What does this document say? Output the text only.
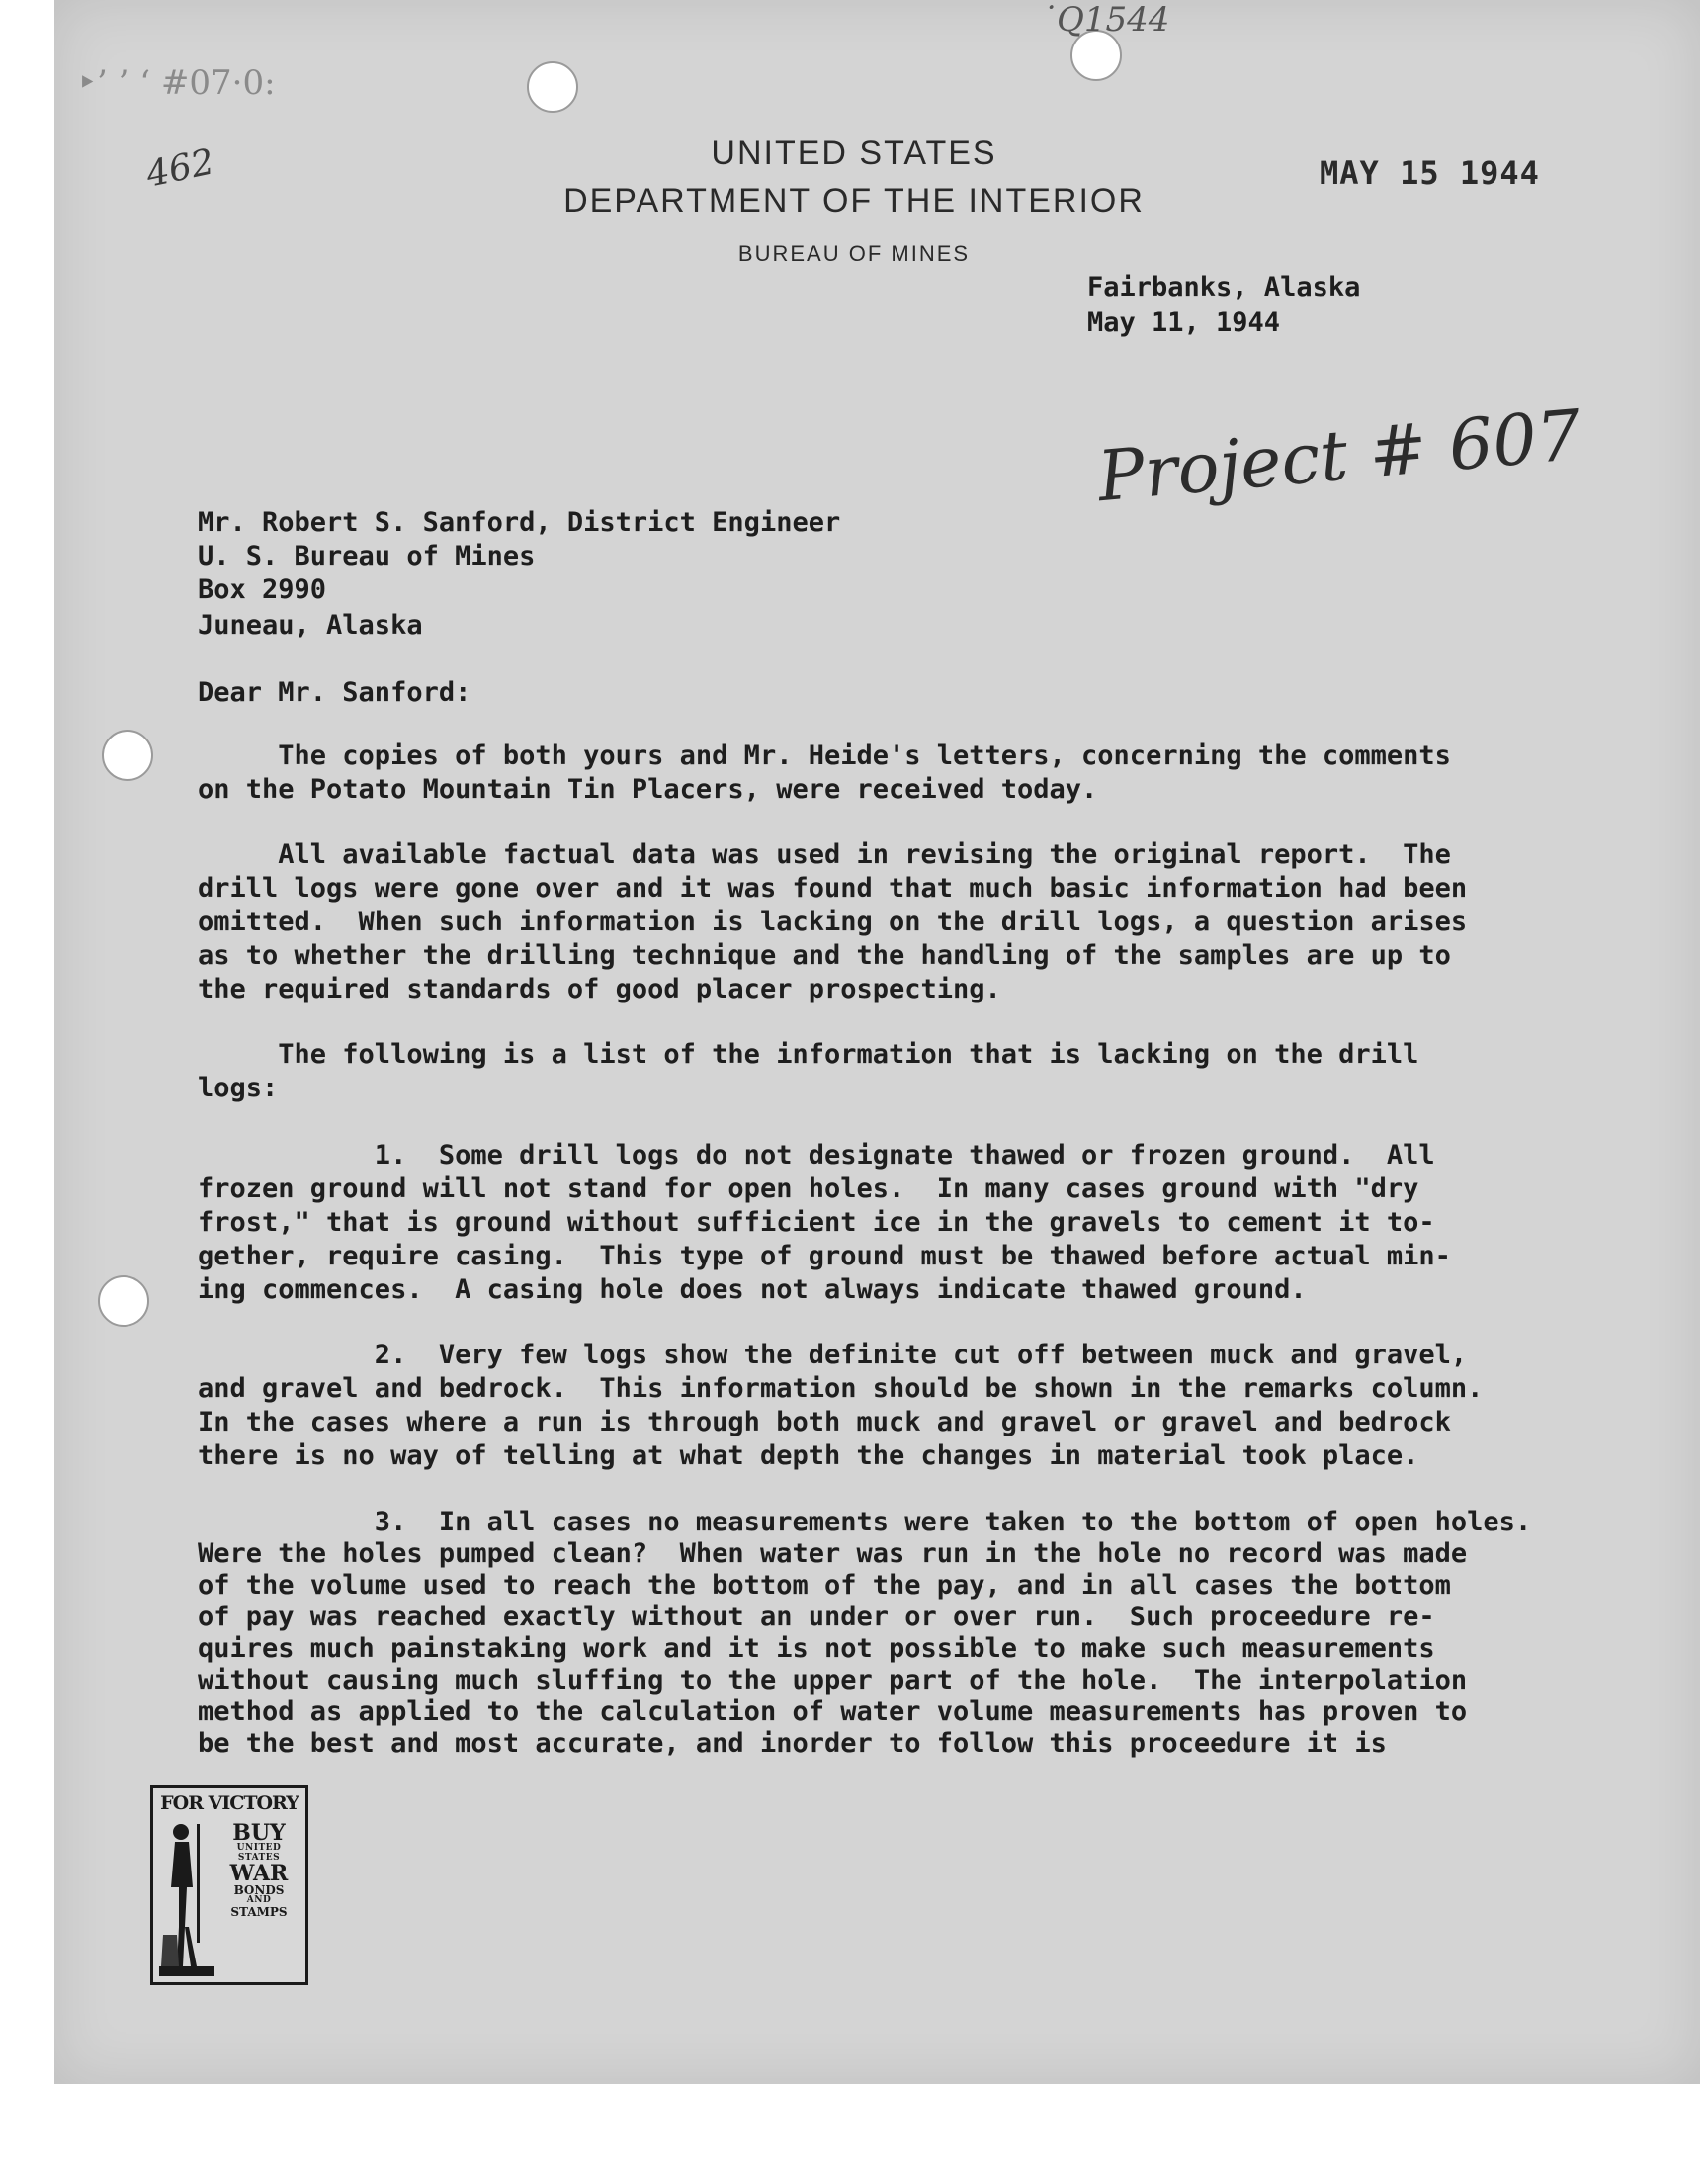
‣’ ’ ‘ #07·0:
˙Q1544
462	MAY 15 1944
Project # 607
UNITED STATES
DEPARTMENT OF THE INTERIOR
BUREAU OF MINES

Fairbanks, Alaska

May 11, 1944

Mr. Robert S. Sanford, District Engineer

U. S. Bureau of Mines

Box 2990

Juneau, Alaska

Dear Mr. Sanford:

The copies of both yours and Mr. Heide's letters, concerning the comments
on the Potato Mountain Tin Placers, were received today.

All available factual data was used in revising the original report.  The
drill logs were gone over and it was found that much basic information had been
omitted.  When such information is lacking on the drill logs, a question arises
as to whether the drilling technique and the handling of the samples are up to
the required standards of good placer prospecting.

The following is a list of the information that is lacking on the drill
logs:

1.  Some drill logs do not designate thawed or frozen ground.  All
frozen ground will not stand for open holes.  In many cases ground with "dry
frost," that is ground without sufficient ice in the gravels to cement it to-
gether, require casing.  This type of ground must be thawed before actual min-
ing commences.  A casing hole does not always indicate thawed ground.

2.  Very few logs show the definite cut off between muck and gravel,
and gravel and bedrock.  This information should be shown in the remarks column.
In the cases where a run is through both muck and gravel or gravel and bedrock
there is no way of telling at what depth the changes in material took place.

3.  In all cases no measurements were taken to the bottom of open holes.
Were the holes pumped clean?  When water was run in the hole no record was made
of the volume used to reach the bottom of the pay, and in all cases the bottom
of pay was reached exactly without an under or over run.  Such proceedure re-
quires much painstaking work and it is not possible to make such measurements
without causing much sluffing to the upper part of the hole.  The interpolation
method as applied to the calculation of water volume measurements has proven to
be the best and most accurate, and inorder to follow this proceedure it is

FOR VICTORY
BUY
UNITED
STATES
WAR
BONDS
AND
STAMPS
